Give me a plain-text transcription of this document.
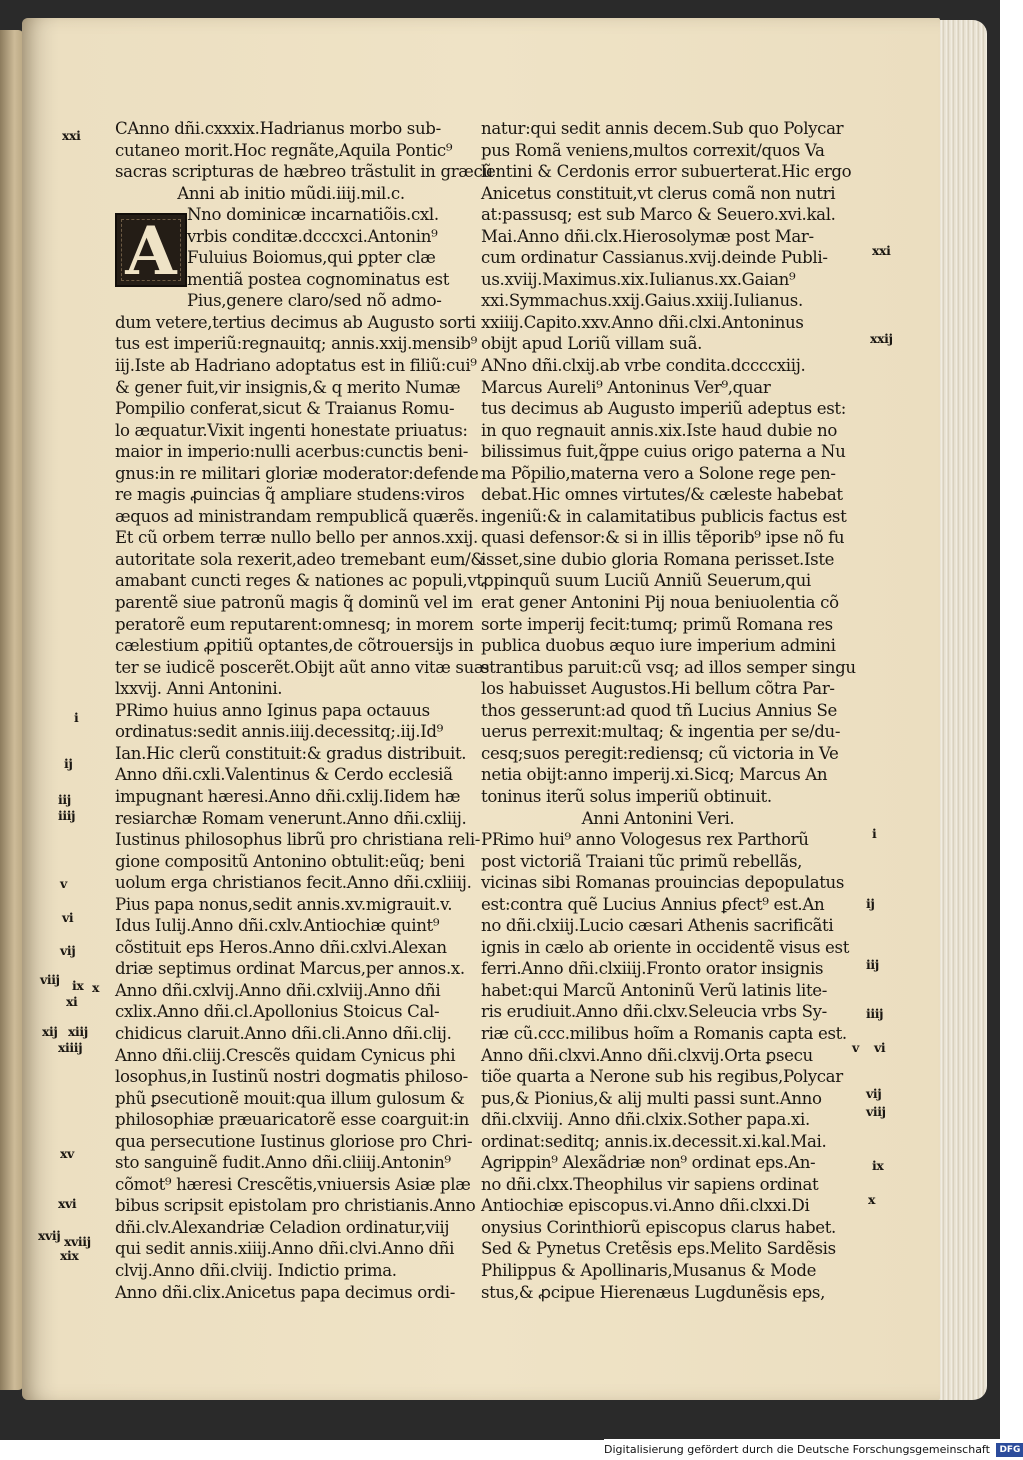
A
CAnno dñi.cxxxix.Hadrianus morbo sub-
cutaneo morit.Hoc regnãte,Aquila Pontic⁹
sacras scripturas de hæbreo trãstulit in græcũ
Anni ab initio mũdi.iiij.mil.c.
Nno dominicæ incarnatiõis.cxl.
vrbis conditæ.dcccxci.Antonin⁹
Fuluius Boiomus,qui ꝑpter clæ
mentiã postea cognominatus est
Pius,genere claro/sed nõ admo-
dum vetere,tertius decimus ab Augusto sorti
tus est imperiũ:regnauitq; annis.xxij.mensib⁹
iij.Iste ab Hadriano adoptatus est in filiũ:cui⁹
& gener fuit,vir insignis,& q merito Numæ
Pompilio conferat,sicut & Traianus Romu-
lo æquatur.Vixit ingenti honestate priuatus:
maior in imperio:nulli acerbus:cunctis beni-
gnus:in re militari gloriæ moderator:defende
re magis ꝓuincias q̃ ampliare studens:viros
æquos ad ministrandam rempublicã quærẽs.
Et cũ orbem terræ nullo bello per annos.xxij.
autoritate sola rexerit,adeo tremebant eum/&
amabant cuncti reges & nationes ac populi,vt
parentẽ siue patronũ magis q̃ dominũ vel im
peratorẽ eum reputarent:omnesq; in morem
cælestium ꝓpitiũ optantes,de cõtrouersijs in
ter se iudicẽ poscerẽt.Obijt aũt anno vitæ suæ
lxxvij. Anni Antonini.
PRimo huius anno Iginus papa octauus
ordinatus:sedit annis.iiij.decessitq;.iij.Id⁹
Ian.Hic clerũ constituit:& gradus distribuit.
Anno dñi.cxli.Valentinus & Cerdo ecclesiã
impugnant hæresi.Anno dñi.cxlij.Iidem hæ
resiarchæ Romam venerunt.Anno dñi.cxliij.
Iustinus philosophus librũ pro christiana reli-
gione compositũ Antonino obtulit:eũq; beni
uolum erga christianos fecit.Anno dñi.cxliiij.
Pius papa nonus,sedit annis.xv.migrauit.v.
Idus Iulij.Anno dñi.cxlv.Antiochiæ quint⁹
cõstituit eps Heros.Anno dñi.cxlvi.Alexan
driæ septimus ordinat Marcus,per annos.x.
Anno dñi.cxlvij.Anno dñi.cxlviij.Anno dñi
cxlix.Anno dñi.cl.Apollonius Stoicus Cal-
chidicus claruit.Anno dñi.cli.Anno dñi.clij.
Anno dñi.cliij.Crescẽs quidam Cynicus phi
losophus,in Iustinũ nostri dogmatis philoso-
phũ ꝑsecutionẽ mouit:qua illum gulosum &
philosophiæ præuaricatorẽ esse coarguit:in
qua persecutione Iustinus gloriose pro Chri-
sto sanguinẽ fudit.Anno dñi.cliiij.Antonin⁹
cõmot⁹ hæresi Crescẽtis,vniuersis Asiæ plæ
bibus scripsit epistolam pro christianis.Anno
dñi.clv.Alexandriæ Celadion ordinatur,viij
qui sedit annis.xiiij.Anno dñi.clvi.Anno dñi
clvij.Anno dñi.clviij. Indictio prima.
Anno dñi.clix.Anicetus papa decimus ordi-
natur:qui sedit annis decem.Sub quo Polycar
pus Romã veniens,multos correxit/quos Va
lentini & Cerdonis error subuerterat.Hic ergo
Anicetus constituit,vt clerus comã non nutri
at:passusq; est sub Marco & Seuero.xvi.kal.
Mai.Anno dñi.clx.Hierosolymæ post Mar-
cum ordinatur Cassianus.xvij.deinde Publi-
us.xviij.Maximus.xix.Iulianus.xx.Gaian⁹
xxi.Symmachus.xxij.Gaius.xxiij.Iulianus.
xxiiij.Capito.xxv.Anno dñi.clxi.Antoninus
obijt apud Loriũ villam suã.
ANno dñi.clxij.ab vrbe condita.dccccxiij.
Marcus Aureli⁹ Antoninus Ver⁹,quar
tus decimus ab Augusto imperiũ adeptus est:
in quo regnauit annis.xix.Iste haud dubie no
bilissimus fuit,q̃ppe cuius origo paterna a Nu
ma Põpilio,materna vero a Solone rege pen-
debat.Hic omnes virtutes/& cæleste habebat
ingeniũ:& in calamitatibus publicis factus est
quasi defensor:& si in illis tẽporib⁹ ipse nõ fu
isset,sine dubio gloria Romana perisset.Iste
ꝓpinquũ suum Luciũ Anniũ Seuerum,qui
erat gener Antonini Pij noua beniuolentia cõ
sorte imperij fecit:tumq; primũ Romana res
publica duobus æquo iure imperium admini
strantibus paruit:cũ vsq; ad illos semper singu
los habuisset Augustos.Hi bellum cõtra Par-
thos gesserunt:ad quod tñ Lucius Annius Se
uerus perrexit:multaq; & ingentia per se/du-
cesq;suos peregit:rediensq; cũ victoria in Ve
netia obijt:anno imperij.xi.Sicq; Marcus An
toninus iterũ solus imperiũ obtinuit.
Anni Antonini Veri.
PRimo hui⁹ anno Vologesus rex Parthorũ
post victoriã Traiani tũc primũ rebellãs,
vicinas sibi Romanas prouincias depopulatus
est:contra quẽ Lucius Annius ꝑfect⁹ est.An
no dñi.clxiij.Lucio cæsari Athenis sacrificãti
ignis in cælo ab oriente in occidentẽ visus est
ferri.Anno dñi.clxiiij.Fronto orator insignis
habet:qui Marcũ Antoninũ Verũ latinis lite-
ris erudiuit.Anno dñi.clxv.Seleucia vrbs Sy-
riæ cũ.ccc.milibus hoĩm a Romanis capta est.
Anno dñi.clxvi.Anno dñi.clxvij.Orta ꝑsecu
tiõe quarta a Nerone sub his regibus,Polycar
pus,& Pionius,& alij multi passi sunt.Anno
dñi.clxviij. Anno dñi.clxix.Sother papa.xi.
ordinat:seditq; annis.ix.decessit.xi.kal.Mai.
Agrippin⁹ Alexãdriæ non⁹ ordinat eps.An-
no dñi.clxx.Theophilus vir sapiens ordinat
Antiochiæ episcopus.vi.Anno dñi.clxxi.Di
onysius Corinthiorũ episcopus clarus habet.
Sed & Pynetus Cretẽsis eps.Melito Sardẽsis
Philippus & Apollinaris,Musanus & Mode
stus,& ꝓcipue Hierenæus Lugdunẽsis eps,
xxi
i
ij
iij
iiij
v
vi
vij
viij ix x
xi
xij xiij
xiiij
xv
xvi
xvij xviij
xix
xxi
xxij
i
ij
iij
iiij
v vi
vij
viij
ix
x
Digitalisierung gefördert durch die Deutsche Forschungsgemeinschaft DFG
